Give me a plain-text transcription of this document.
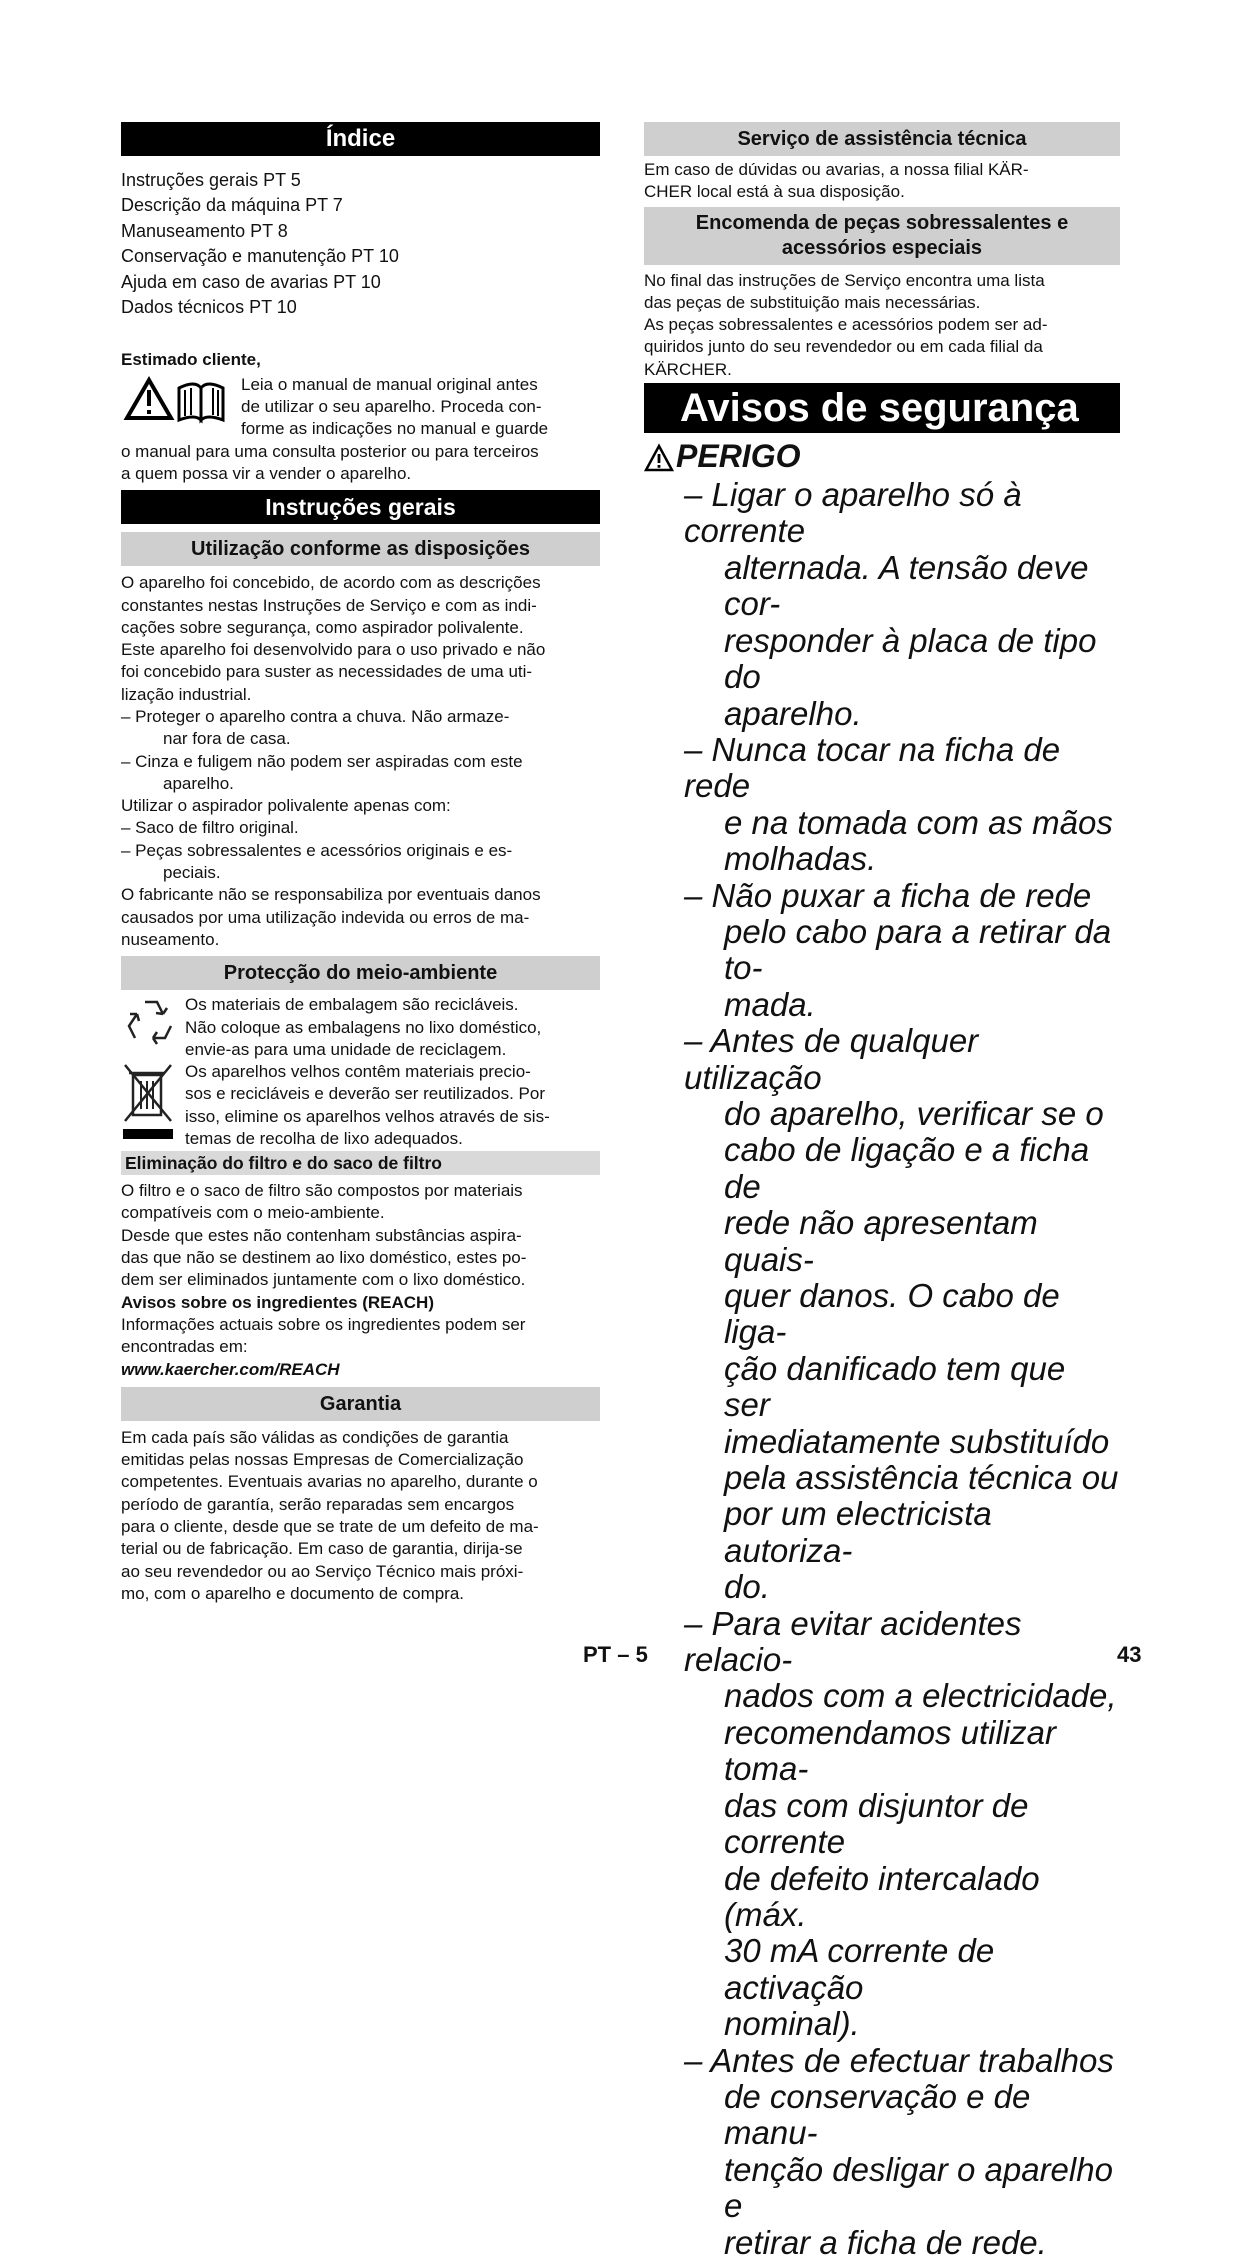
Índice

Instruções gerais PT 5

Descrição da máquina PT 7

Manuseamento PT 8

Conservação e manutenção PT 10

Ajuda em caso de avarias PT 10

Dados técnicos PT 10

Estimado cliente,

Leia o manual de manual original antes

de utilizar o seu aparelho. Proceda con-

forme as indicações no manual e guarde

o manual para uma consulta posterior ou para terceiros

a quem possa vir a vender o aparelho.

Instruções gerais
Utilização conforme as disposições

O aparelho foi concebido, de acordo com as descrições

constantes nestas Instruções de Serviço e com as indi-

cações sobre segurança, como aspirador polivalente.

Este aparelho foi desenvolvido para o uso privado e não

foi concebido para suster as necessidades de uma uti-

lização industrial.

– Proteger o aparelho contra a chuva. Não armaze-

nar fora de casa.

– Cinza e fuligem não podem ser aspiradas com este

aparelho.

Utilizar o aspirador polivalente apenas com:

– Saco de filtro original.

– Peças sobressalentes e acessórios originais e es-

peciais.

O fabricante não se responsabiliza por eventuais danos

causados por uma utilização indevida ou erros de ma-

nuseamento.

Protecção do meio-ambiente

Os materiais de embalagem são recicláveis.

Não coloque as embalagens no lixo doméstico,

envie-as para uma unidade de reciclagem.

Os aparelhos velhos contêm materiais precio-

sos e recicláveis e deverão ser reutilizados. Por

isso, elimine os aparelhos velhos através de sis-

temas de recolha de lixo adequados.

Eliminação do filtro e do saco de filtro

O filtro e o saco de filtro são compostos por materiais

compatíveis com o meio-ambiente.

Desde que estes não contenham substâncias aspira-

das que não se destinem ao lixo doméstico, estes po-

dem ser eliminados juntamente com o lixo doméstico.

Avisos sobre os ingredientes (REACH)

Informações actuais sobre os ingredientes podem ser

encontradas em:

www.kaercher.com/REACH

Garantia

Em cada país são válidas as condições de garantia

emitidas pelas nossas Empresas de Comercialização

competentes. Eventuais avarias no aparelho, durante o

período de garantía, serão reparadas sem encargos

para o cliente, desde que se trate de um defeito de ma-

terial ou de fabricação. Em caso de garantia, dirija-se

ao seu revendedor ou ao Serviço Técnico mais próxi-

mo, com o aparelho e documento de compra.

Serviço de assistência técnica

Em caso de dúvidas ou avarias, a nossa filial KÄR-

CHER local está à sua disposição.

Encomenda de peças sobressalentes e
acessórios especiais

No final das instruções de Serviço encontra uma lista

das peças de substituição mais necessárias.

As peças sobressalentes e acessórios podem ser ad-

quiridos junto do seu revendedor ou em cada filial da

KÄRCHER.

Avisos de segurança
PERIGO
– Ligar o aparelho só à corrente
alternada. A tensão deve cor-
responder à placa de tipo do
aparelho.
– Nunca tocar na ficha de rede
e na tomada com as mãos
molhadas.
– Não puxar a ficha de rede
pelo cabo para a retirar da to-
mada.
– Antes de qualquer utilização
do aparelho, verificar se o
cabo de ligação e a ficha de
rede não apresentam quais-
quer danos. O cabo de liga-
ção danificado tem que ser
imediatamente substituído
pela assistência técnica ou
por um electricista autoriza-
do.
– Para evitar acidentes relacio-
nados com a electricidade,
recomendamos utilizar toma-
das com disjuntor de corrente
de defeito intercalado (máx.
30 mA corrente de activação
nominal).
– Antes de efectuar trabalhos
de conservação e de manu-
tenção desligar o aparelho e
retirar a ficha de rede.
PT – 5	43
